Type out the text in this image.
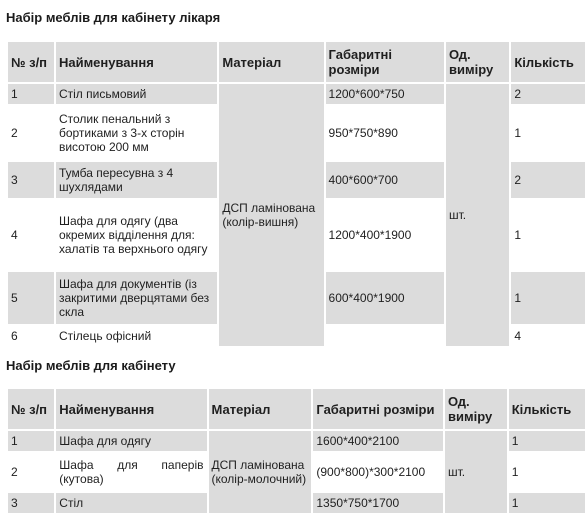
Набір меблів для кабінету лікаря
№ з/п	Найменування	Матеріал	Габаритні розміри	Од. виміру	Кількість
1	Стіл письмовий	ДСП ламінована (колір-вишня)	1200*600*750	шт.	2
2	Столик пенальний з бортиками з 3-х сторін висотою 200 мм		950*750*890		1
3	Тумба пересувна з 4 шухлядами		400*600*700		2
4	Шафа для одягу (два окремих відділення для: халатів та верхнього одягу		1200*400*1900		1
5	Шафа для документів (із закритими дверцятами без скла		600*400*1900		1
6	Стілець офісний				4
Набір меблів для кабінету
№ з/п	Найменування	Матеріал	Габаритні розміри	Од. виміру	Кількість
1	Шафа для одягу	ДСП ламінована (колір-молочний)	1600*400*2100	шт.	1
2	Шафа для паперів (кутова)		(900*800)*300*2100		1
3	Стіл		1350*750*1700		1
